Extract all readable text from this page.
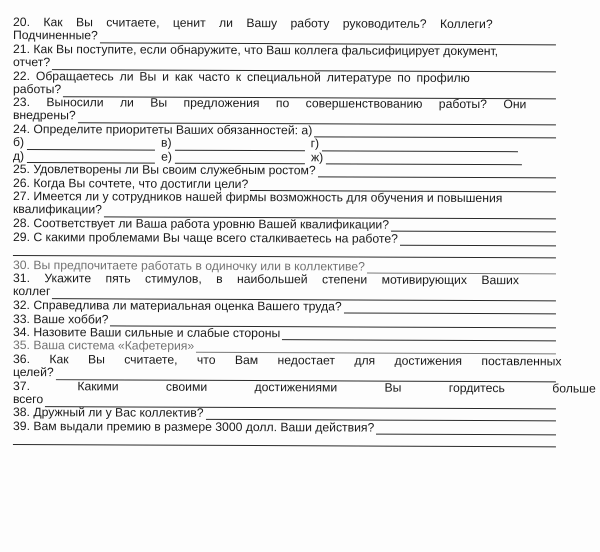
20. Как Вы считаете, ценит ли Вашу работу руководитель? Коллеги?
Подчиненные?
21. Как Вы поступите, если обнаружите, что Ваш коллега фальсифицирует документ,
отчет?
22. Обращаетесь ли Вы и как часто к специальной литературе по профилю
работы?
23. Выносили ли Вы предложения по совершенствованию работы? Они
внедрены?
24. Определите приоритеты Ваших обязанностей: а)
б)	в)	г)
д)	е)	ж)
25. Удовлетворены ли Вы своим служебным ростом?
26. Когда Вы сочтете, что достигли цели?
27. Имеется ли у сотрудников нашей фирмы возможность для обучения и повышения
квалификации?
28. Соответствует ли Ваша работа уровню Вашей квалификации?
29. С какими проблемами Вы чаще всего сталкиваетесь на работе?
30. Вы предпочитаете работать в одиночку или в коллективе?
31. Укажите пять стимулов, в наибольшей степени мотивирующих Ваших
коллег
32. Справедлива ли материальная оценка Вашего труда?
33. Ваше хобби?
34. Назовите Ваши сильные и слабые стороны
35. Ваша система «Кафетерия»
36. Как Вы считаете, что Вам недостает для достижения поставленных
целей?
37. Какими своими достижениями Вы гордитесь больше
всего
38. Дружный ли у Вас коллектив?
39. Вам выдали премию в размере 3000 долл. Ваши действия?
